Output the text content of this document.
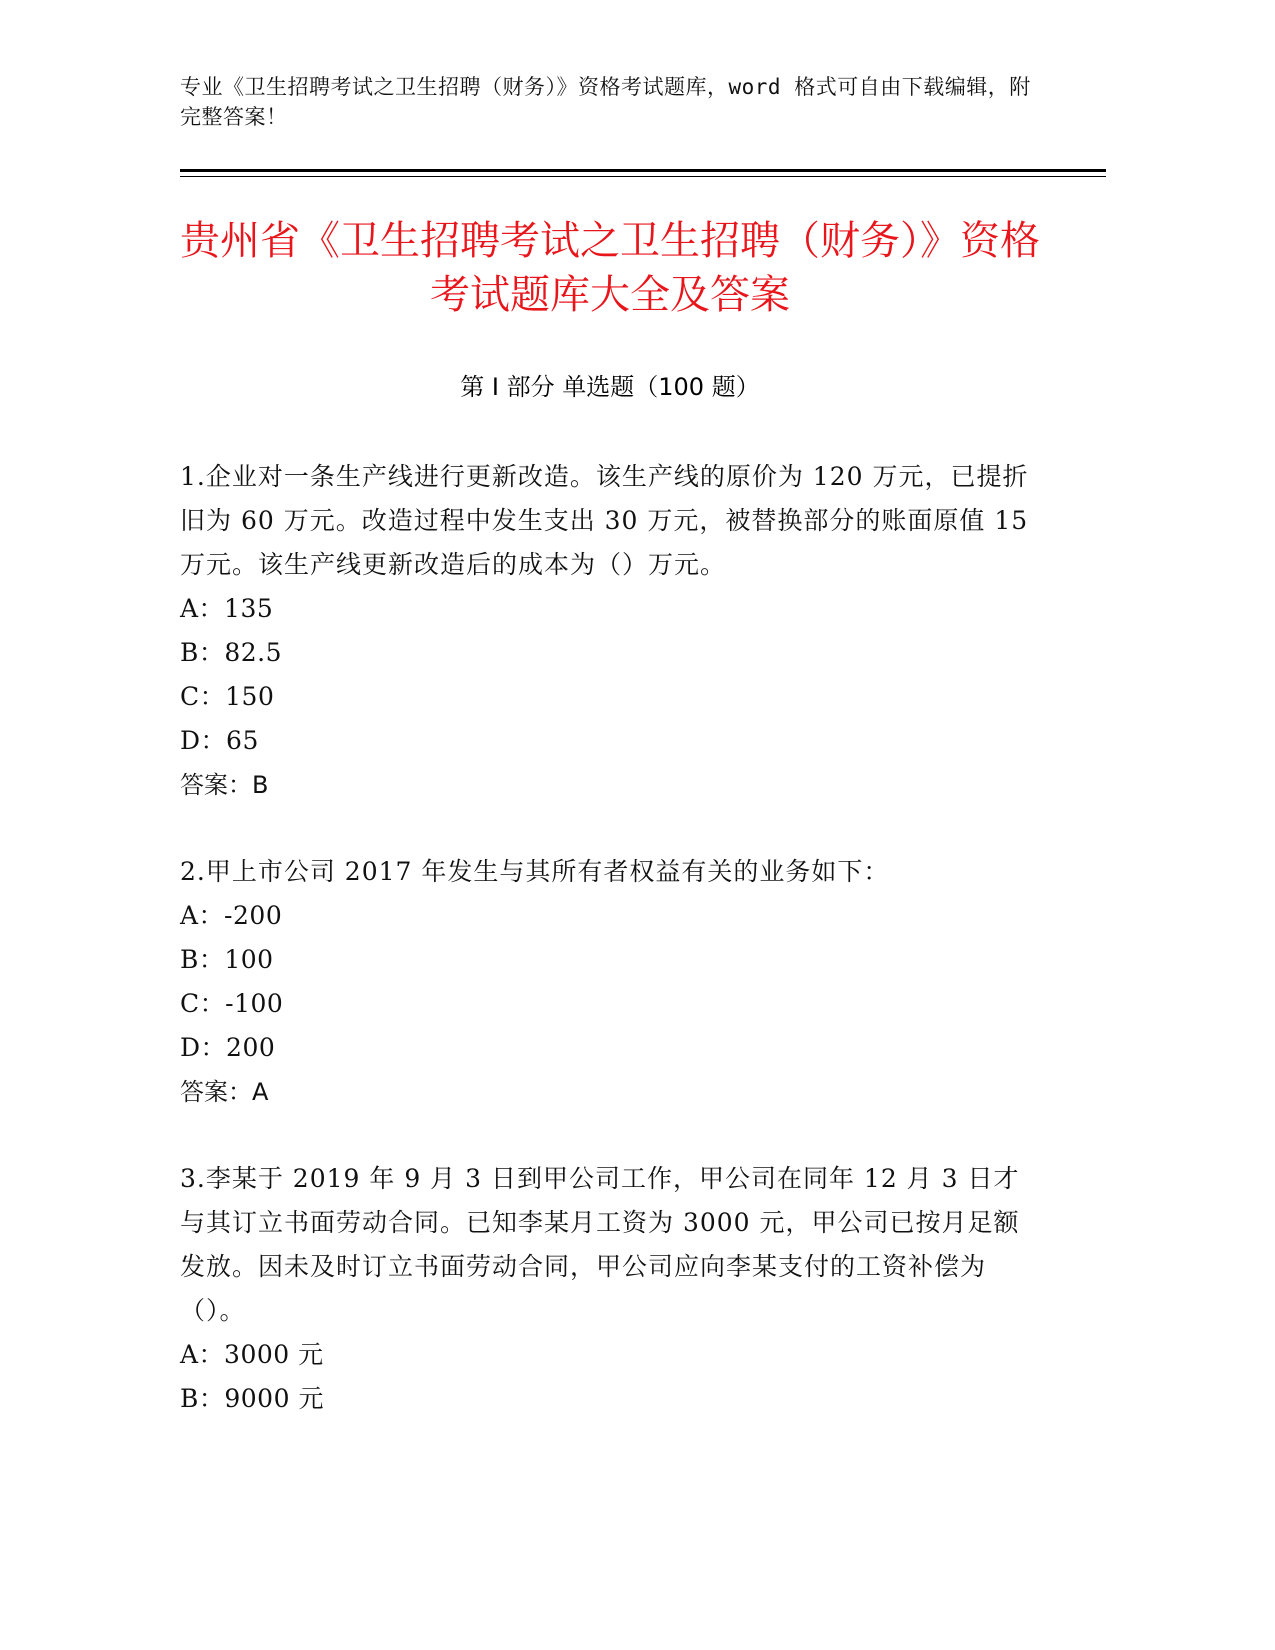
专业《卫生招聘考试之卫生招聘（财务）》资格考试题库，word 格式可自由下载编辑，附完整答案！
贵州省《卫生招聘考试之卫生招聘（财务）》资格考试题库大全及答案
第 I 部分 单选题（100 题）

1.企业对一条生产线进行更新改造。该生产线的原价为 120 万元，已提折旧为 60 万元。改造过程中发生支出 30 万元，被替换部分的账面原值 15 万元。该生产线更新改造后的成本为（）万元。

A：135

B：82.5

C：150

D：65

答案：B

2.甲上市公司 2017 年发生与其所有者权益有关的业务如下：

A：-200

B：100

C：-100

D：200

答案：A

3.李某于 2019 年 9 月 3 日到甲公司工作，甲公司在同年 12 月 3 日才与其订立书面劳动合同。已知李某月工资为 3000 元，甲公司已按月足额发放。因未及时订立书面劳动合同，甲公司应向李某支付的工资补偿为（）。

A：3000 元

B：9000 元
